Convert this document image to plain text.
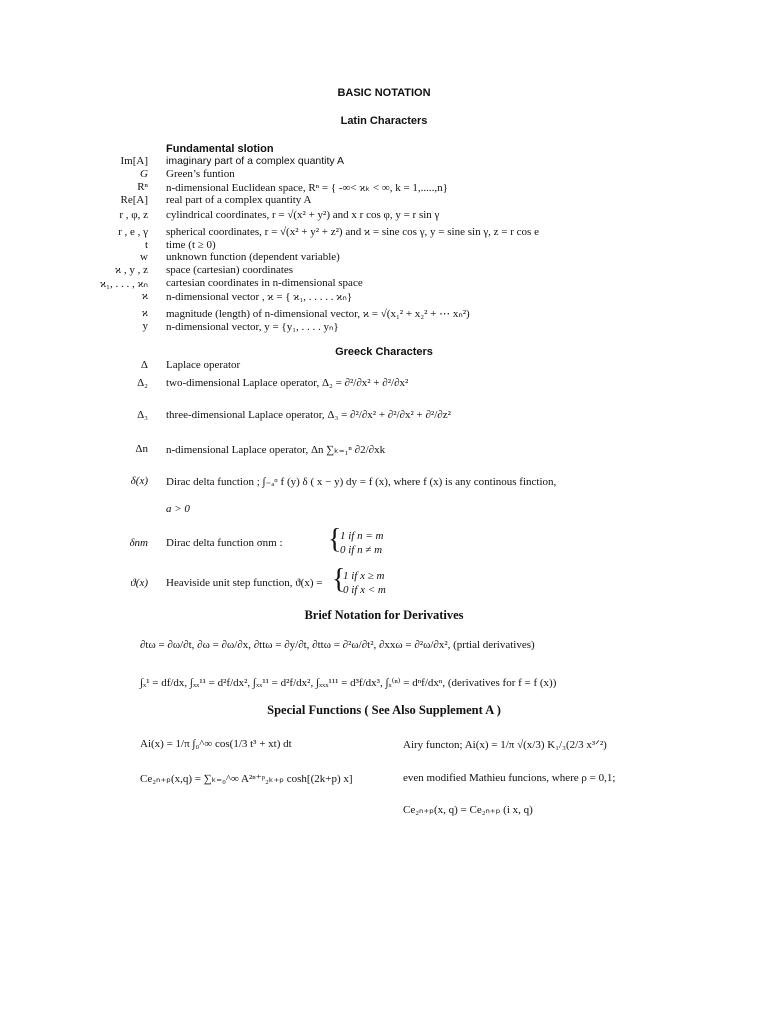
BASIC NOTATION
Latin Characters
Fundamental slotion
Im[A] imaginary part of a complex quantity A
G Green’s funtion
Rⁿ n-dimensional Euclidean space, Rⁿ = { -∞< ϰₖ < ∞, k = 1,.....,n}
Re[A] real part of a complex quantity A
r , φ, z cylindrical coordinates, r = √(x² + y²) and x r cos φ, y = r sin γ
r , e , γ spherical coordinates, r = √(x² + y² + z²) and ϰ = sine cos γ, y = sine sin γ, z = r cos e
t time (t ≥ 0)
w unknown function (dependent variable)
ϰ , y , z space (cartesian) coordinates
ϰ₁, . . . , ϰₙ cartesian coordinates in n-dimensional space
ϰ n-dimensional vector , ϰ = { ϰ₁, . . . . . ϰₙ}
ϰ magnitude (length) of n-dimensional vector, ϰ = √(x₁² + x₂² + ⋯ xₙ²)
y n-dimensional vector, y = {y₁, . . . . yₙ}
Greeck Characters
Δ Laplace operator
Δ₂ two-dimensional Laplace operator, Δ₂ = ∂²/∂x² + ∂²/∂x²
Δ₃ three-dimensional Laplace operator, Δ₃ = ∂²/∂x² + ∂²/∂x² + ∂²/∂z²
Δn n-dimensional Laplace operator, Δn ∑ₖ₌₁ⁿ ∂2/∂xk
δ(x) Dirac delta function ; ∫₋ₐᵅ f (y) δ ( x − y) dy = f (x), where f (x) is any continous finction,
a > 0
δnm Dirac delta function σnm : {
1 if n = m
0 if n ≠ m
ϑ(x) Heaviside unit step function, ϑ(x) = {
1 if x ≥ m
0 if x < m
Brief Notation for Derivatives
∂tω = ∂ω/∂t, ∂ω = ∂ω/∂x, ∂ttω = ∂y/∂t, ∂ttω = ∂²ω/∂t², ∂xxω = ∂²ω/∂x², (prtial derivatives)
∫ₓ¹ = df/dx, ∫ₓₓ¹¹ = d²f/dx², ∫ₓₓ¹¹ = d²f/dx², ∫ₓₓₓ¹¹¹ = d³f/dx³, ∫ₓ⁽ⁿ⁾ = dⁿf/dxⁿ, (derivatives for f = f (x))
Special Functions ( See Also Supplement A )
Ai(x) = 1/π ∫₀^∞ cos(1/3 t³ + xt) dt	Airy functon; Ai(x) = 1/π √(x/3) K₁/₃(2/3 x³ᐟ²)
Ce₂ₙ₊ₚ(x,q) = ∑ₖ₌₀^∞ A²ⁿ⁺ᵖ₂ₖ₊ₚ cosh[(2k+p) x]	even modified Mathieu funcions, where ρ = 0,1;
Ce₂ₙ₊ₚ(x, q) = Ce₂ₙ₊ₚ (i x, q)
